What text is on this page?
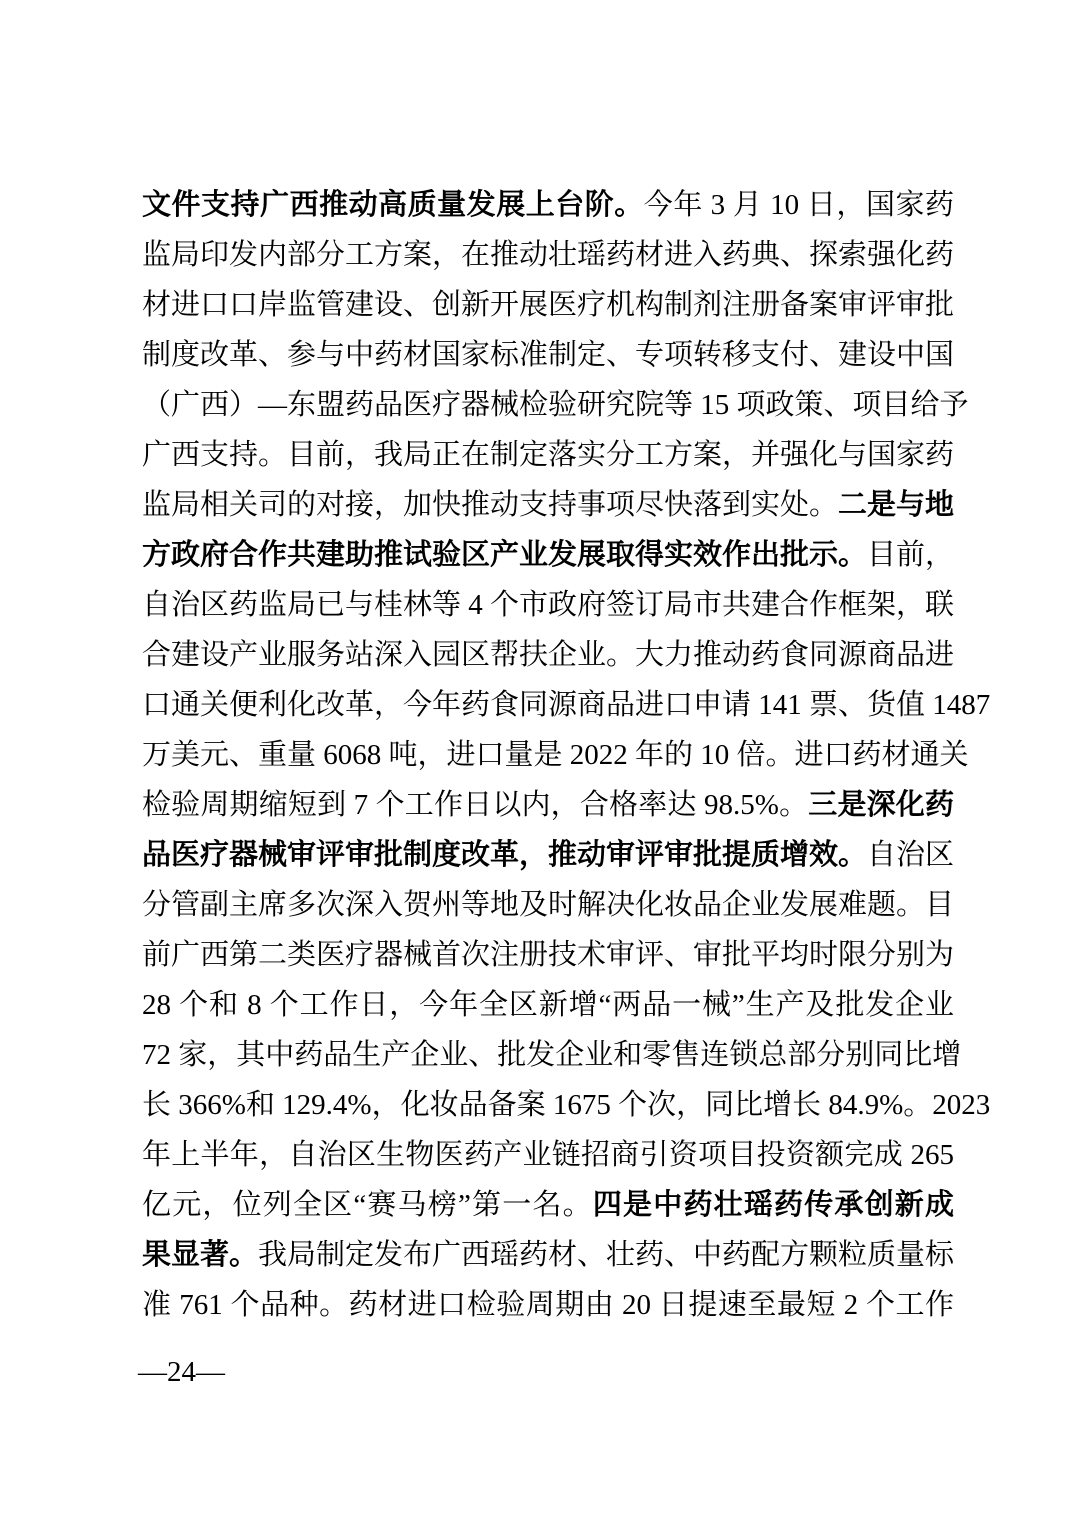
文件支持广西推动高质量发展上台阶。今年 3 月 10 日，国家药
监局印发内部分工方案，在推动壮瑶药材进入药典、探索强化药
材进口口岸监管建设、创新开展医疗机构制剂注册备案审评审批
制度改革、参与中药材国家标准制定、专项转移支付、建设中国
（广西）—东盟药品医疗器械检验研究院等 15 项政策、项目给予
广西支持。目前，我局正在制定落实分工方案，并强化与国家药
监局相关司的对接，加快推动支持事项尽快落到实处。二是与地
方政府合作共建助推试验区产业发展取得实效作出批示。目前，
自治区药监局已与桂林等 4 个市政府签订局市共建合作框架，联
合建设产业服务站深入园区帮扶企业。大力推动药食同源商品进
口通关便利化改革，今年药食同源商品进口申请 141 票、货值 1487
万美元、重量 6068 吨，进口量是 2022 年的 10 倍。进口药材通关
检验周期缩短到 7 个工作日以内，合格率达 98.5%。三是深化药
品医疗器械审评审批制度改革，推动审评审批提质增效。自治区
分管副主席多次深入贺州等地及时解决化妆品企业发展难题。目
前广西第二类医疗器械首次注册技术审评、审批平均时限分别为
28 个和 8 个工作日，今年全区新增“两品一械”生产及批发企业
72 家，其中药品生产企业、批发企业和零售连锁总部分别同比增
长 366%和 129.4%，化妆品备案 1675 个次，同比增长 84.9%。2023
年上半年，自治区生物医药产业链招商引资项目投资额完成 265
亿元，位列全区“赛马榜”第一名。四是中药壮瑶药传承创新成
果显著。我局制定发布广西瑶药材、壮药、中药配方颗粒质量标
准 761 个品种。药材进口检验周期由 20 日提速至最短 2 个工作
—24—
